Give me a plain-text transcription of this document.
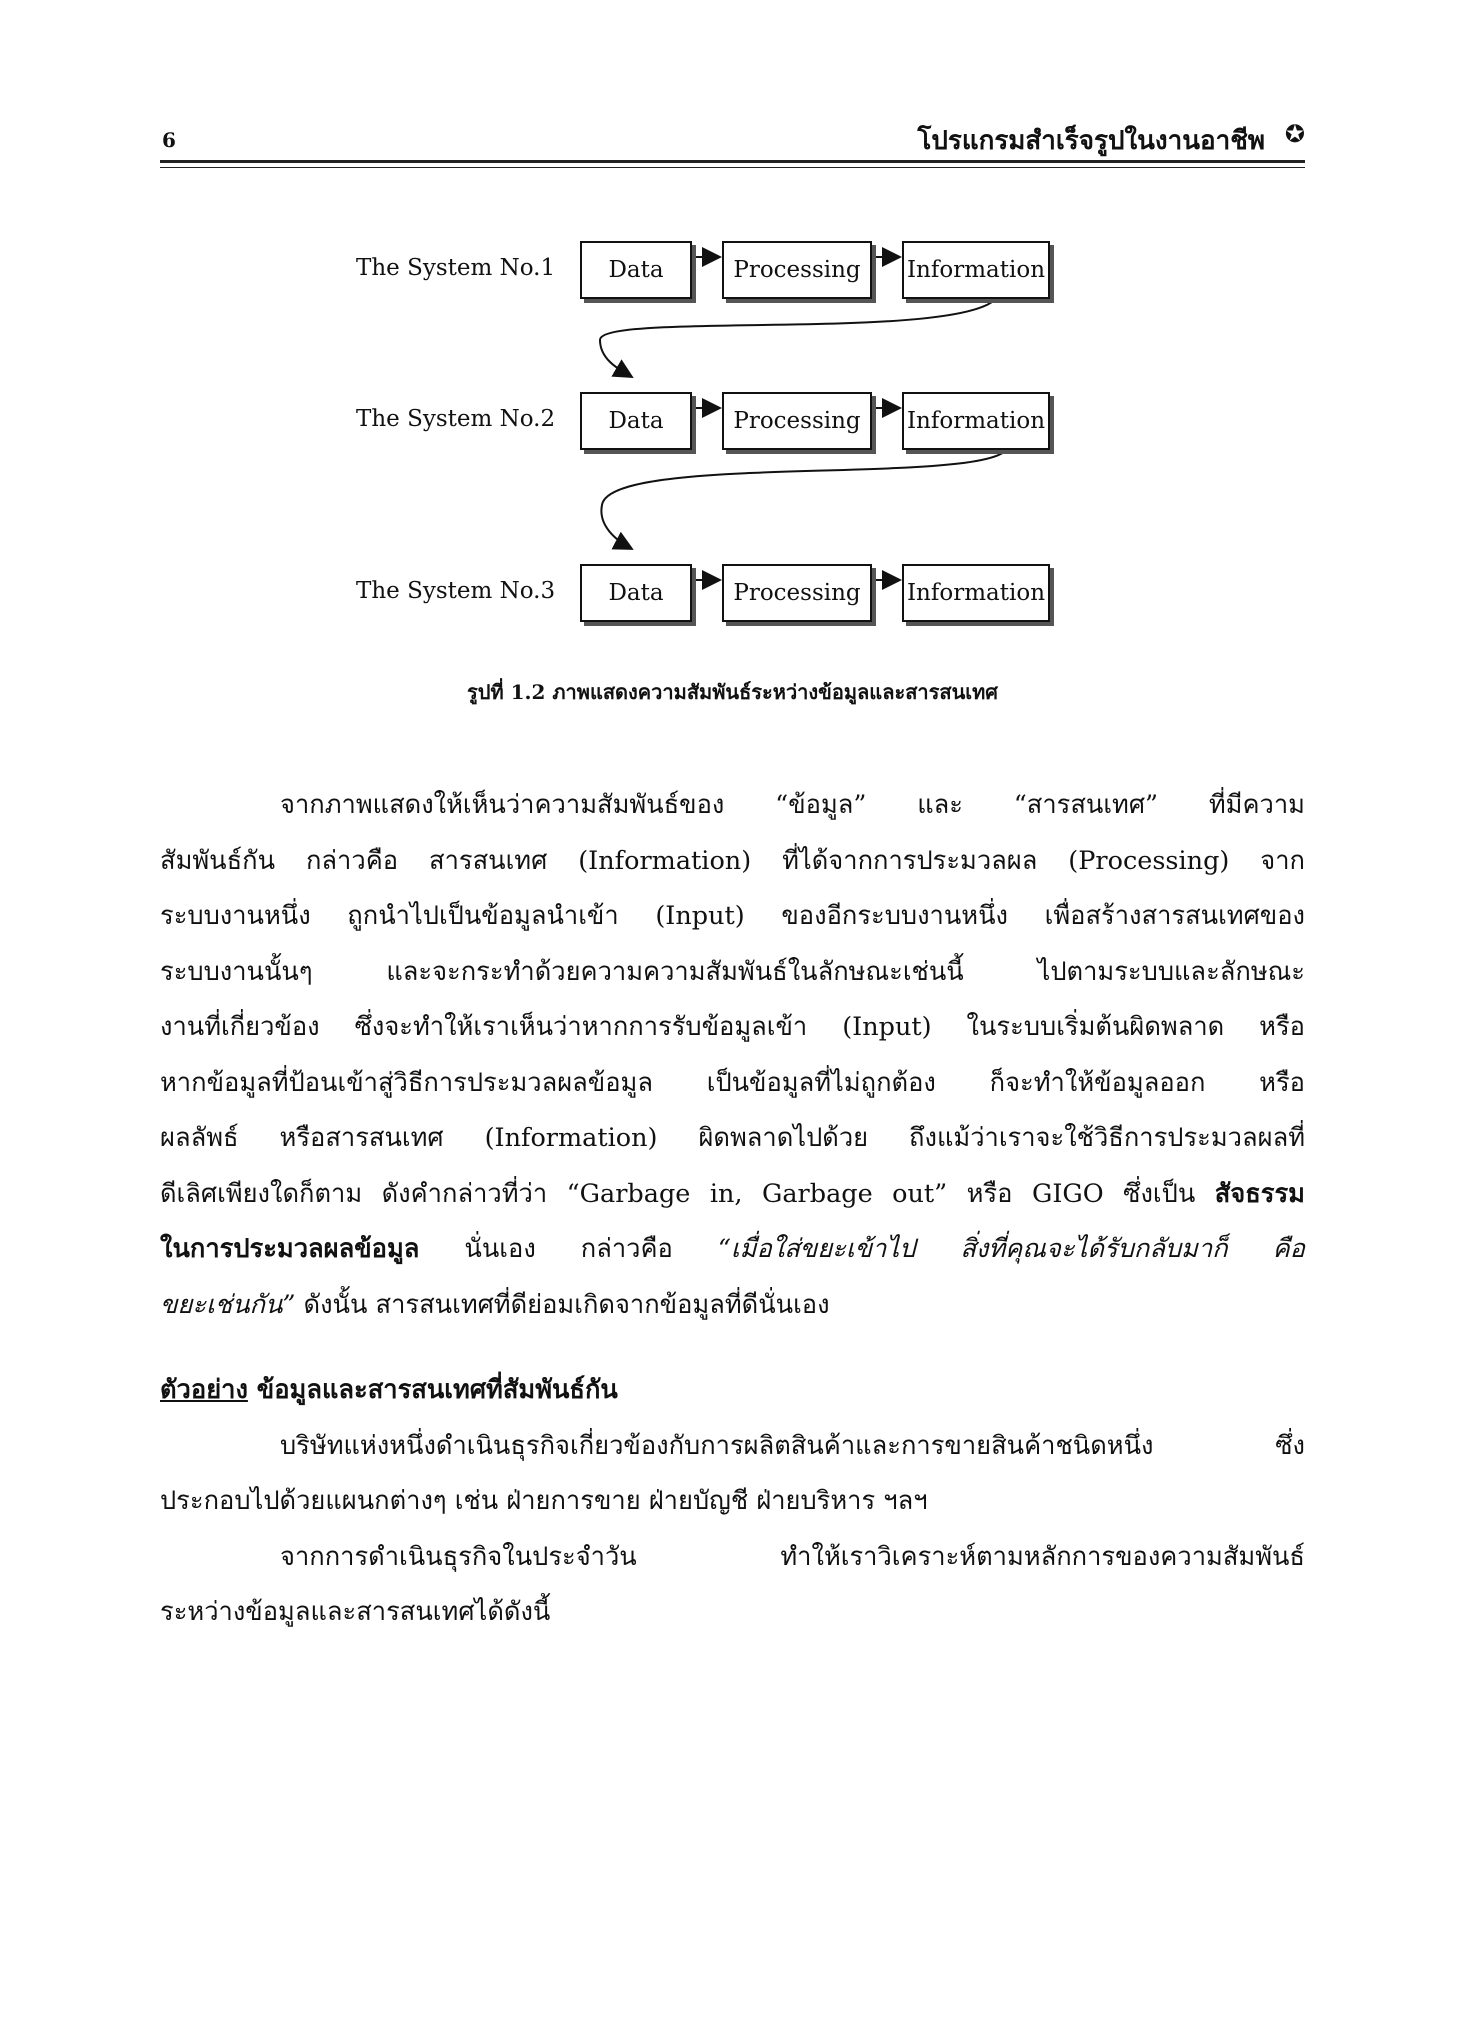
6	โปรแกรมสำเร็จรูปในงานอาชีพ ✪
The System No.1	Data	Processing	Information
The System No.2	Data	Processing	Information
The System No.3	Data	Processing	Information
รูปที่ 1.2 ภาพแสดงความสัมพันธ์ระหว่างข้อมูลและสารสนเทศ
จากภาพแสดงให้เห็นว่าความสัมพันธ์ของ “ข้อมูล” และ “สารสนเทศ” ที่มีความ
สัมพันธ์กัน กล่าวคือ สารสนเทศ (Information) ที่ได้จากการประมวลผล (Processing) จาก
ระบบงานหนึ่ง ถูกนำไปเป็นข้อมูลนำเข้า (Input) ของอีกระบบงานหนึ่ง เพื่อสร้างสารสนเทศของ
ระบบงานนั้นๆ และจะกระทำด้วยความความสัมพันธ์ในลักษณะเช่นนี้ ไปตามระบบและลักษณะ
งานที่เกี่ยวข้อง ซึ่งจะทำให้เราเห็นว่าหากการรับข้อมูลเข้า (Input) ในระบบเริ่มต้นผิดพลาด หรือ
หากข้อมูลที่ป้อนเข้าสู่วิธีการประมวลผลข้อมูล เป็นข้อมูลที่ไม่ถูกต้อง ก็จะทำให้ข้อมูลออก หรือ
ผลลัพธ์ หรือสารสนเทศ (Information) ผิดพลาดไปด้วย ถึงแม้ว่าเราจะใช้วิธีการประมวลผลที่
ดีเลิศเพียงใดก็ตาม ดังคำกล่าวที่ว่า “Garbage in, Garbage out” หรือ GIGO ซึ่งเป็น สัจธรรม
ในการประมวลผลข้อมูล นั่นเอง กล่าวคือ “เมื่อใส่ขยะเข้าไป สิ่งที่คุณจะได้รับกลับมาก็ คือ
ขยะเช่นกัน” ดังนั้น สารสนเทศที่ดีย่อมเกิดจากข้อมูลที่ดีนั่นเอง
ตัวอย่าง ข้อมูลและสารสนเทศที่สัมพันธ์กัน
บริษัทแห่งหนึ่งดำเนินธุรกิจเกี่ยวข้องกับการผลิตสินค้าและการขายสินค้าชนิดหนึ่ง ซึ่ง
ประกอบไปด้วยแผนกต่างๆ เช่น ฝ่ายการขาย ฝ่ายบัญชี ฝ่ายบริหาร ฯลฯ
จากการดำเนินธุรกิจในประจำวัน ทำให้เราวิเคราะห์ตามหลักการของความสัมพันธ์
ระหว่างข้อมูลและสารสนเทศได้ดังนี้
